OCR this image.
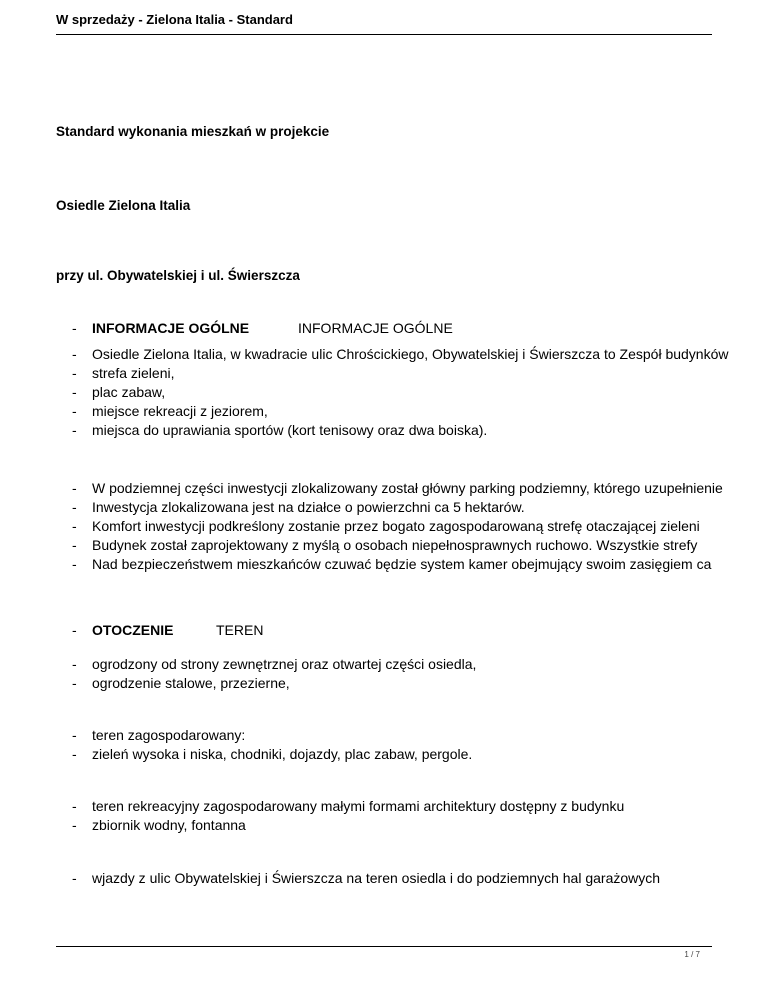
W sprzedaży - Zielona Italia - Standard
Standard wykonania mieszkań w projekcie
Osiedle Zielona Italia
przy ul. Obywatelskiej i ul. Świerszcza
- INFORMACJE OGÓLNE	INFORMACJE OGÓLNE
- Osiedle Zielona Italia, w kwadracie ulic Chrościckiego, Obywatelskiej i Świerszcza to Zespół budynków
- strefa zieleni,
- plac zabaw,
- miejsce rekreacji z jeziorem,
- miejsca do uprawiania sportów (kort tenisowy oraz dwa boiska).
- W podziemnej części inwestycji zlokalizowany został główny parking podziemny, którego uzupełnienie
- Inwestycja zlokalizowana jest na działce o powierzchni ca 5 hektarów.
- Komfort inwestycji podkreślony zostanie przez bogato zagospodarowaną strefę otaczającej zieleni
- Budynek został zaprojektowany z myślą o osobach niepełnosprawnych ruchowo. Wszystkie strefy
- Nad bezpieczeństwem mieszkańców czuwać będzie system kamer obejmujący swoim zasięgiem ca
- OTOCZENIE	TEREN
- ogrodzony od strony zewnętrznej oraz otwartej części osiedla,
- ogrodzenie stalowe, przezierne,
- teren zagospodarowany:
- zieleń wysoka i niska, chodniki, dojazdy, plac zabaw, pergole.
- teren rekreacyjny zagospodarowany małymi formami architektury dostępny z budynku
- zbiornik wodny, fontanna
- wjazdy z ulic Obywatelskiej i Świerszcza na teren osiedla i do podziemnych hal garażowych
1 / 7
